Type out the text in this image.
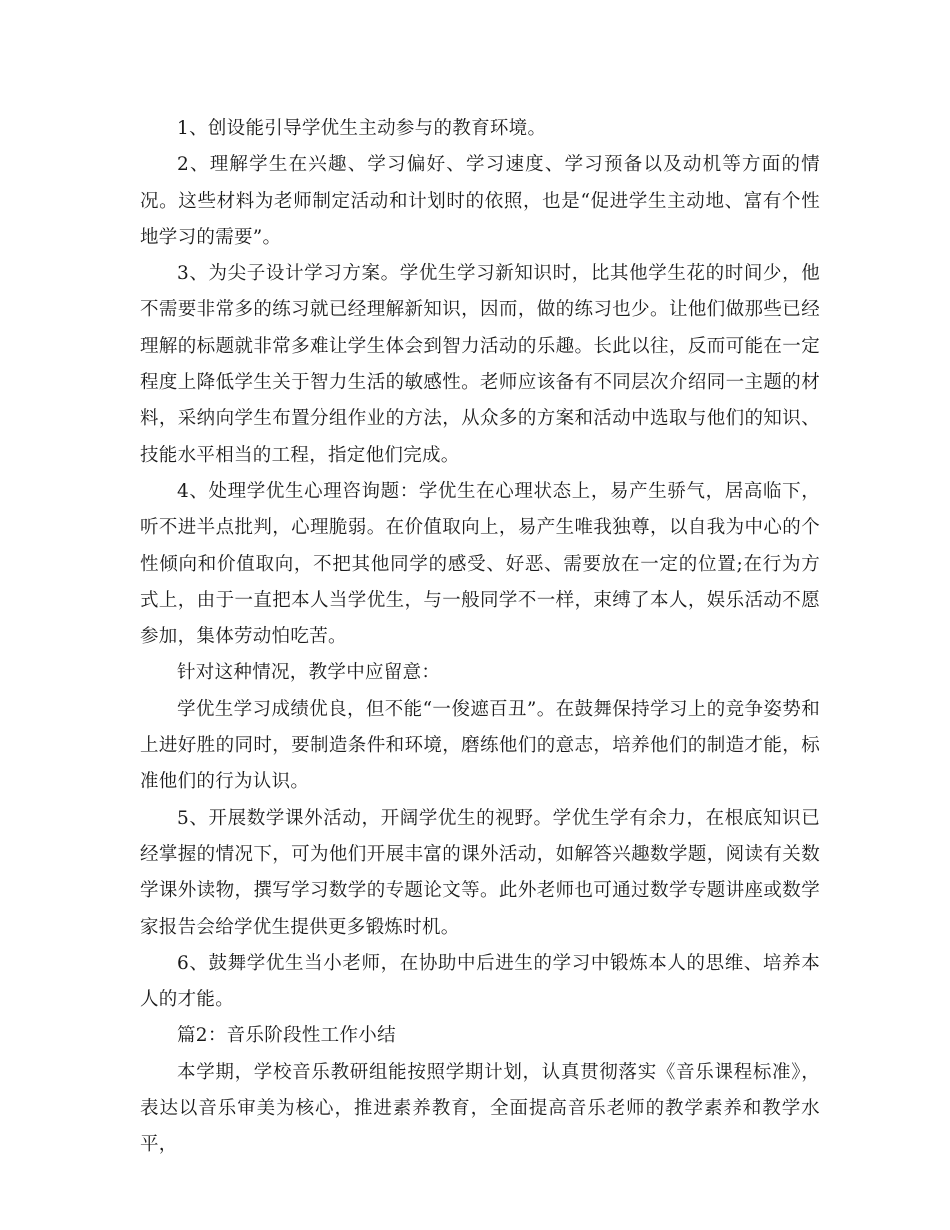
1、创设能引导学优生主动参与的教育环境。

2、理解学生在兴趣、学习偏好、学习速度、学习预备以及动机等方面的情况。这些材料为老师制定活动和计划时的依照，也是“促进学生主动地、富有个性地学习的需要”。

3、为尖子设计学习方案。学优生学习新知识时，比其他学生花的时间少，他不需要非常多的练习就已经理解新知识，因而，做的练习也少。让他们做那些已经理解的标题就非常多难让学生体会到智力活动的乐趣。长此以往，反而可能在一定程度上降低学生关于智力生活的敏感性。老师应该备有不同层次介绍同一主题的材料，采纳向学生布置分组作业的方法，从众多的方案和活动中选取与他们的知识、技能水平相当的工程，指定他们完成。

4、处理学优生心理咨询题：学优生在心理状态上，易产生骄气，居高临下，听不进半点批判，心理脆弱。在价值取向上，易产生唯我独尊，以自我为中心的个性倾向和价值取向，不把其他同学的感受、好恶、需要放在一定的位置;在行为方式上，由于一直把本人当学优生，与一般同学不一样，束缚了本人，娱乐活动不愿参加，集体劳动怕吃苦。

针对这种情况，教学中应留意：

学优生学习成绩优良，但不能“一俊遮百丑”。在鼓舞保持学习上的竞争姿势和上进好胜的同时，要制造条件和环境，磨练他们的意志，培养他们的制造才能，标准他们的行为认识。

5、开展数学课外活动，开阔学优生的视野。学优生学有余力，在根底知识已经掌握的情况下，可为他们开展丰富的课外活动，如解答兴趣数学题，阅读有关数学课外读物，撰写学习数学的专题论文等。此外老师也可通过数学专题讲座或数学家报告会给学优生提供更多锻炼时机。

6、鼓舞学优生当小老师，在协助中后进生的学习中锻炼本人的思维、培养本人的才能。

篇2：音乐阶段性工作小结

本学期，学校音乐教研组能按照学期计划，认真贯彻落实《音乐课程标准》，表达以音乐审美为核心，推进素养教育，全面提高音乐老师的教学素养和教学水平，
